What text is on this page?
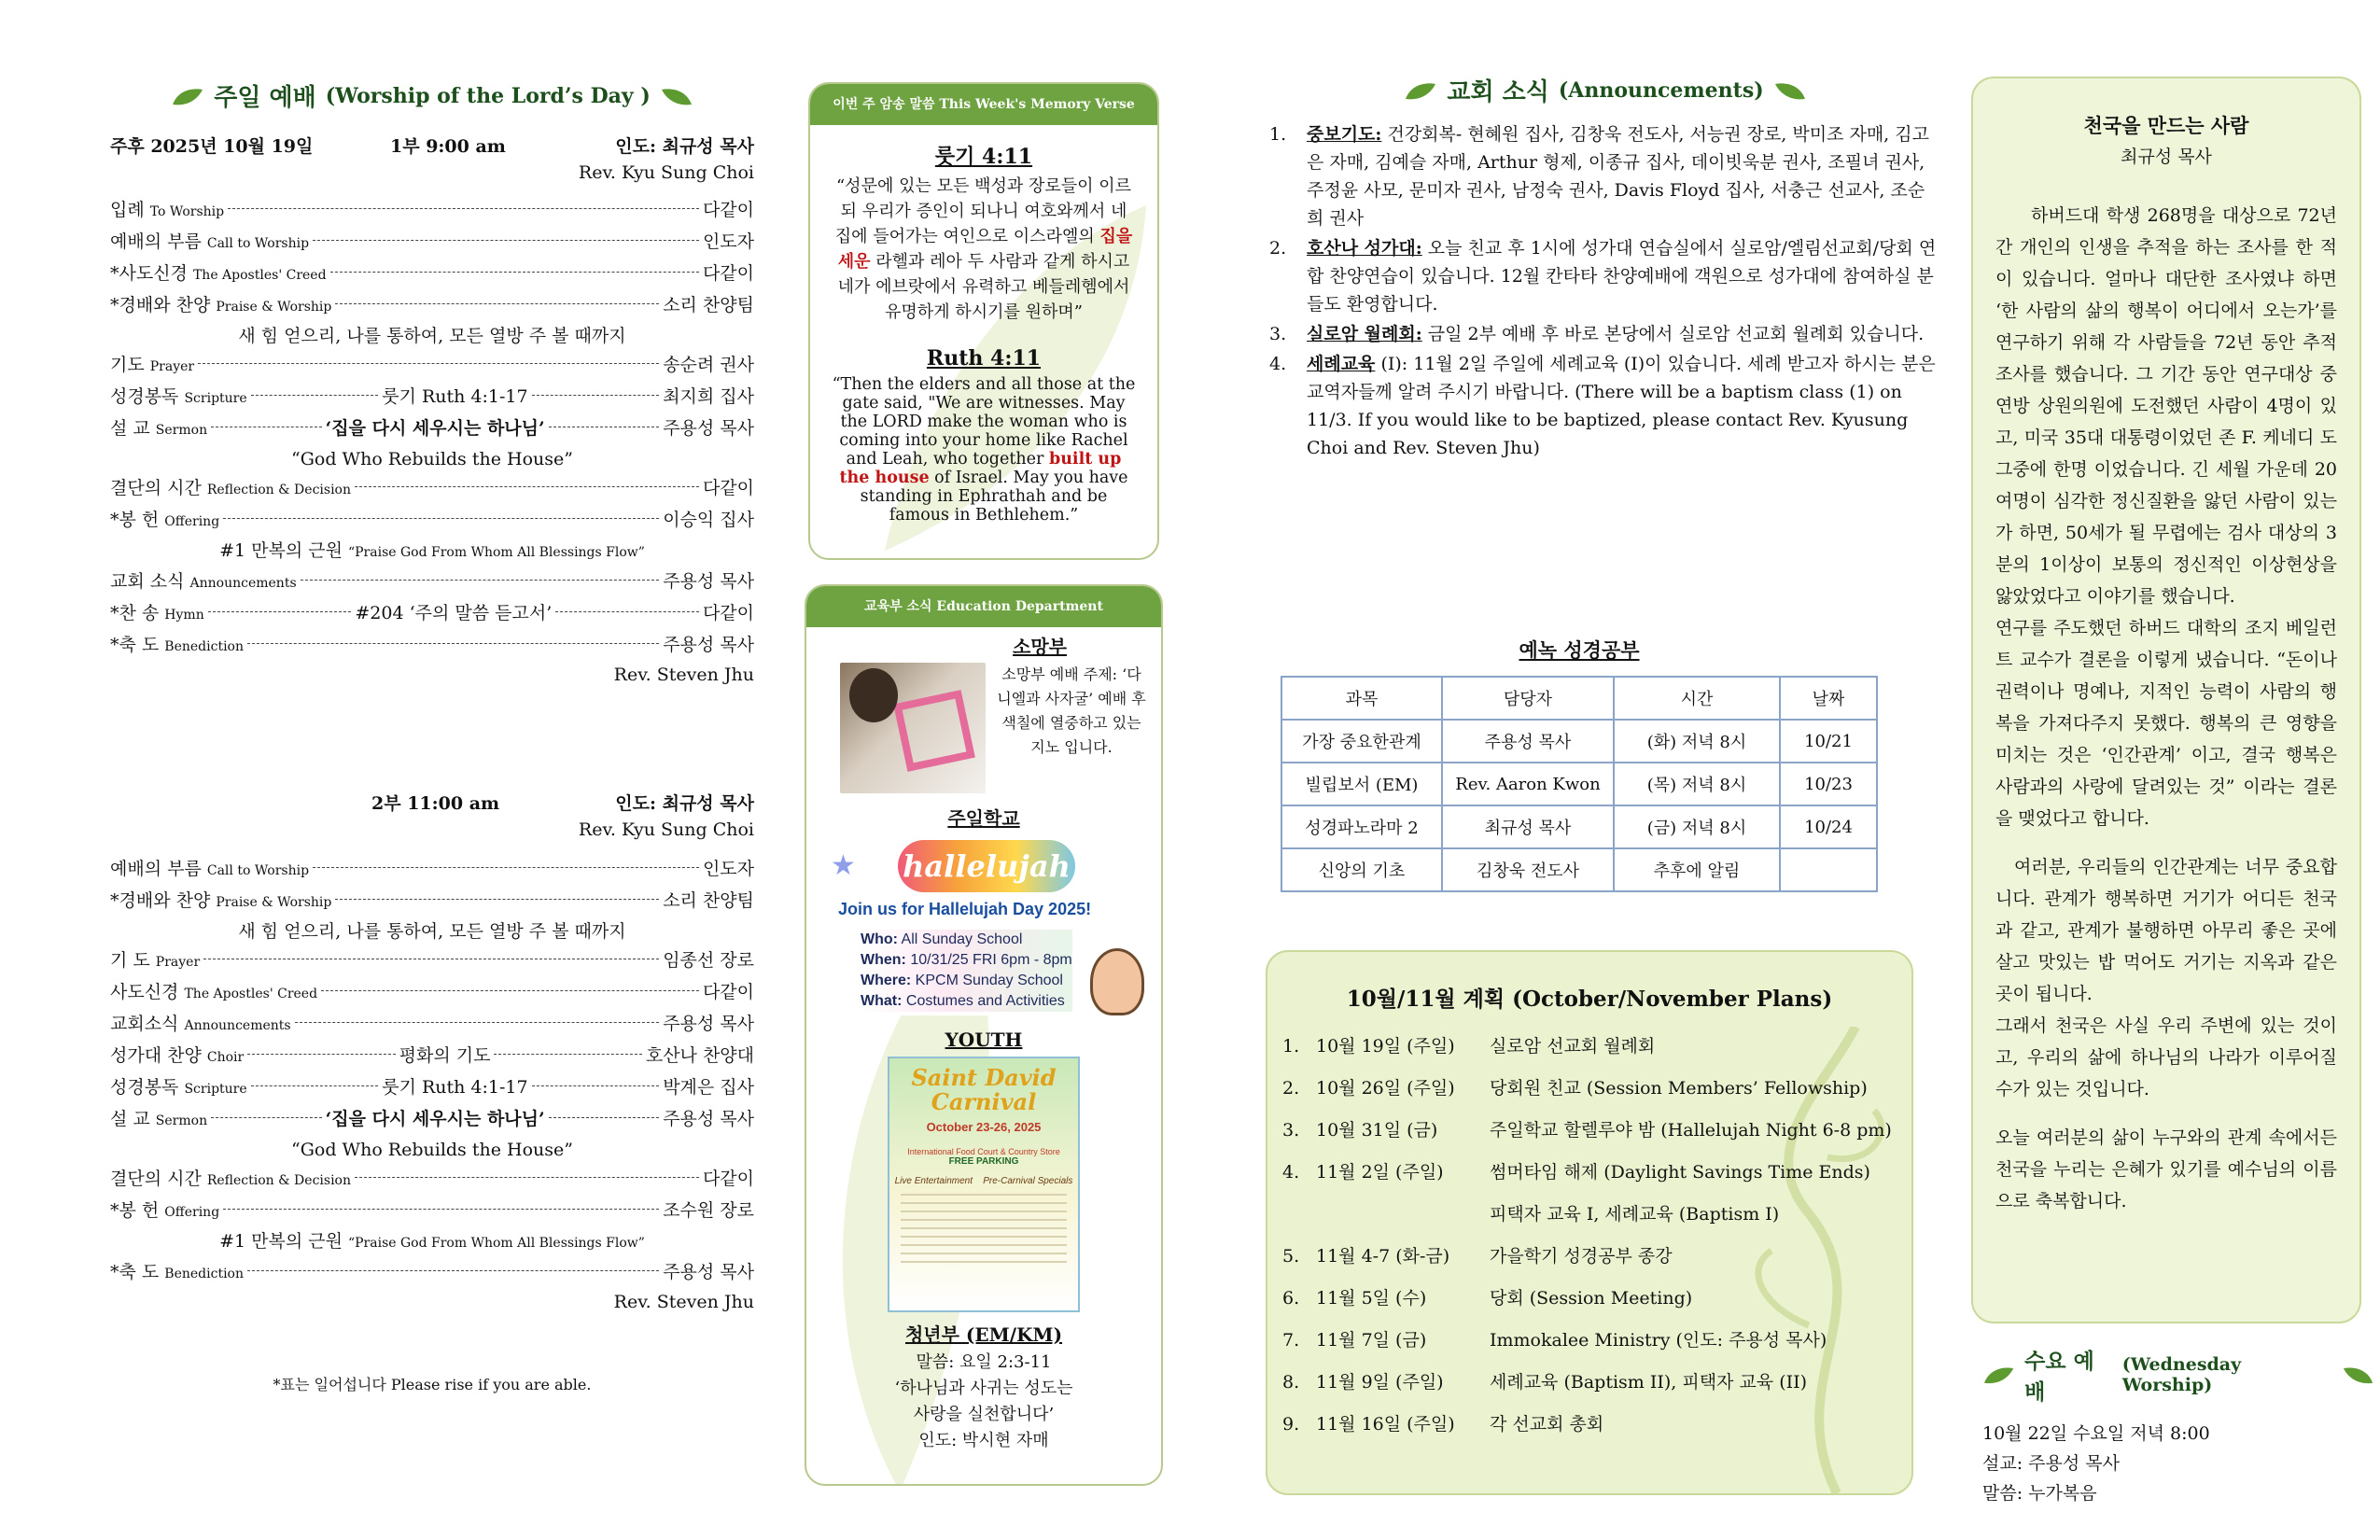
주일 예배 (Worship of the Lord’s Day )
주후 2025년 10월 19일	1부 9:00 am	인도: 최규성 목사
Rev. Kyu Sung Choi
입례 To Worship	다같이
예배의 부름 Call to Worship	인도자
*사도신경 The Apostles' Creed	다같이
*경배와 찬양 Praise & Worship	소리 찬양팀
새 힘 얻으리, 나를 통하여, 모든 열방 주 볼 때까지
기도 Prayer	송순려 권사
성경봉독 Scripture	룻기 Ruth 4:1-17	최지희 집사
설 교 Sermon	‘집을 다시 세우시는 하나님’	주용성 목사
“God Who Rebuilds the House”
결단의 시간 Reflection & Decision	다같이
*봉 헌 Offering	이승익 집사
#1 만복의 근원 “Praise God From Whom All Blessings Flow”
교회 소식 Announcements	주용성 목사
*찬 송 Hymn	#204 ‘주의 말씀 듣고서’	다같이
*축 도 Benediction	주용성 목사
Rev. Steven Jhu
2부 11:00 am	인도: 최규성 목사
Rev. Kyu Sung Choi
예배의 부름 Call to Worship	인도자
*경배와 찬양 Praise & Worship	소리 찬양팀
새 힘 얻으리, 나를 통하여, 모든 열방 주 볼 때까지
기 도 Prayer	임종선 장로
사도신경 The Apostles' Creed	다같이
교회소식 Announcements	주용성 목사
성가대 찬양 Choir	평화의 기도	호산나 찬양대
성경봉독 Scripture	룻기 Ruth 4:1-17	박계은 집사
설 교 Sermon	‘집을 다시 세우시는 하나님’	주용성 목사
“God Who Rebuilds the House”
결단의 시간 Reflection & Decision	다같이
*봉 헌 Offering	조수원 장로
#1 만복의 근원 “Praise God From Whom All Blessings Flow”
*축 도 Benediction	주용성 목사
Rev. Steven Jhu
*표는 일어섭니다 Please rise if you are able.
이번 주 암송 말씀 This Week's Memory Verse
룻기 4:11
“성문에 있는 모든 백성과 장로들이 이르되 우리가 증인이 되나니 여호와께서 네 집에 들어가는 여인으로 이스라엘의 집을 세운 라헬과 레아 두 사람과 같게 하시고 네가 에브랏에서 유력하고 베들레헴에서 유명하게 하시기를 원하며”
Ruth 4:11
“Then the elders and all those at the gate said, "We are witnesses. May the LORD make the woman who is coming into your home like Rachel and Leah, who together built up the house of Israel. May you have standing in Ephrathah and be famous in Bethlehem.”
교육부 소식 Education Department
소망부
소망부 예배 주제: ‘다니엘과 사자굴’ 예배 후 색칠에 열중하고 있는 지노 입니다.
주일학교
hallelujah
★
Join us for Hallelujah Day 2025!
Who: All Sunday School
When: 10/31/25 FRI 6pm - 8pm
Where: KPCM Sunday School
What: Costumes and Activities
YOUTH
Saint David Carnival
October 23-26, 2025
International Food Court & Country Store
FREE PARKING
Live Entertainment Pre-Carnival Specials
청년부 (EM/KM)
말씀: 요일 2:3-11
‘하나님과 사귀는 성도는
사랑을 실천합니다’
인도: 박시현 자매
교회 소식 (Announcements)
1.	중보기도: 건강회복- 현혜원 집사, 김창욱 전도사, 서능권 장로, 박미조 자매, 김고은 자매, 김예슬 자매, Arthur 형제, 이종규 집사, 데이빗욱분 권사, 조필녀 권사, 주정윤 사모, 문미자 권사, 남정숙 권사, Davis Floyd 집사, 서충근 선교사, 조순희 권사
2.	호산나 성가대: 오늘 친교 후 1시에 성가대 연습실에서 실로암/엘림선교회/당회 연합 찬양연습이 있습니다. 12월 칸타타 찬양예배에 객원으로 성가대에 참여하실 분들도 환영합니다.
3.	실로암 월례회: 금일 2부 예배 후 바로 본당에서 실로암 선교회 월례회 있습니다.
4.	세례교육 (I): 11월 2일 주일에 세례교육 (I)이 있습니다. 세례 받고자 하시는 분은 교역자들께 알려 주시기 바랍니다. (There will be a baptism class (1) on 11/3. If you would like to be baptized, please contact Rev. Kyusung Choi and Rev. Steven Jhu)
예녹 성경공부
과목	담당자	시간	날짜
가장 중요한관계	주용성 목사	(화) 저녁 8시	10/21
빌립보서 (EM)	Rev. Aaron Kwon	(목) 저녁 8시	10/23
성경파노라마 2	최규성 목사	(금) 저녁 8시	10/24
신앙의 기초	김창욱 전도사	추후에 알림	
10월/11월 계획 (October/November Plans)
1. 10월 19일 (주일)	실로암 선교회 월례회
2. 10월 26일 (주일)	당회원 친교 (Session Members’ Fellowship)
3. 10월 31일 (금)	주일학교 할렐루야 밤 (Hallelujah Night 6-8 pm)
4. 11월 2일 (주일)	썸머타임 해제 (Daylight Savings Time Ends)
피택자 교육 I, 세례교육 (Baptism I)
5. 11월 4-7 (화-금)	가을학기 성경공부 종강
6. 11월 5일 (수)	당회 (Session Meeting)
7. 11월 7일 (금)	Immokalee Ministry (인도: 주용성 목사)
8. 11월 9일 (주일)	세례교육 (Baptism II), 피택자 교육 (II)
9. 11월 16일 (주일)	각 선교회 총회
천국을 만드는 사람
최규성 목사

하버드대 학생 268명을 대상으로 72년간 개인의 인생을 추적을 하는 조사를 한 적이 있습니다. 얼마나 대단한 조사였냐 하면 ‘한 사람의 삶의 행복이 어디에서 오는가’를 연구하기 위해 각 사람들을 72년 동안 추적 조사를 했습니다. 그 기간 동안 연구대상 중 연방 상원의원에 도전했던 사람이 4명이 있고, 미국 35대 대통령이었던 존 F. 케네디 도 그중에 한명 이었습니다. 긴 세월 가운데 20 여명이 심각한 정신질환을 앓던 사람이 있는가 하면, 50세가 될 무렵에는 검사 대상의 3분의 1이상이 보통의 정신적인 이상현상을 앓았었다고 이야기를 했습니다.

연구를 주도했던 하버드 대학의 조지 베일런트 교수가 결론을 이렇게 냈습니다. “돈이나 권력이나 명예나, 지적인 능력이 사람의 행복을 가져다주지 못했다. 행복의 큰 영향을 미치는 것은 ‘인간관계’ 이고, 결국 행복은 사람과의 사랑에 달려있는 것” 이라는 결론을 맺었다고 합니다.

여러분, 우리들의 인간관계는 너무 중요합니다. 관계가 행복하면 거기가 어디든 천국과 같고, 관계가 불행하면 아무리 좋은 곳에 살고 맛있는 밥 먹어도 거기는 지옥과 같은 곳이 됩니다.

그래서 천국은 사실 우리 주변에 있는 것이고, 우리의 삶에 하나님의 나라가 이루어질 수가 있는 것입니다.

오늘 여러분의 삶이 누구와의 관계 속에서든 천국을 누리는 은혜가 있기를 예수님의 이름으로 축복합니다.

수요 예배
(Wednesday Worship)
10월 22일 수요일 저녁 8:00
설교: 주용성 목사
말씀: 누가복음
